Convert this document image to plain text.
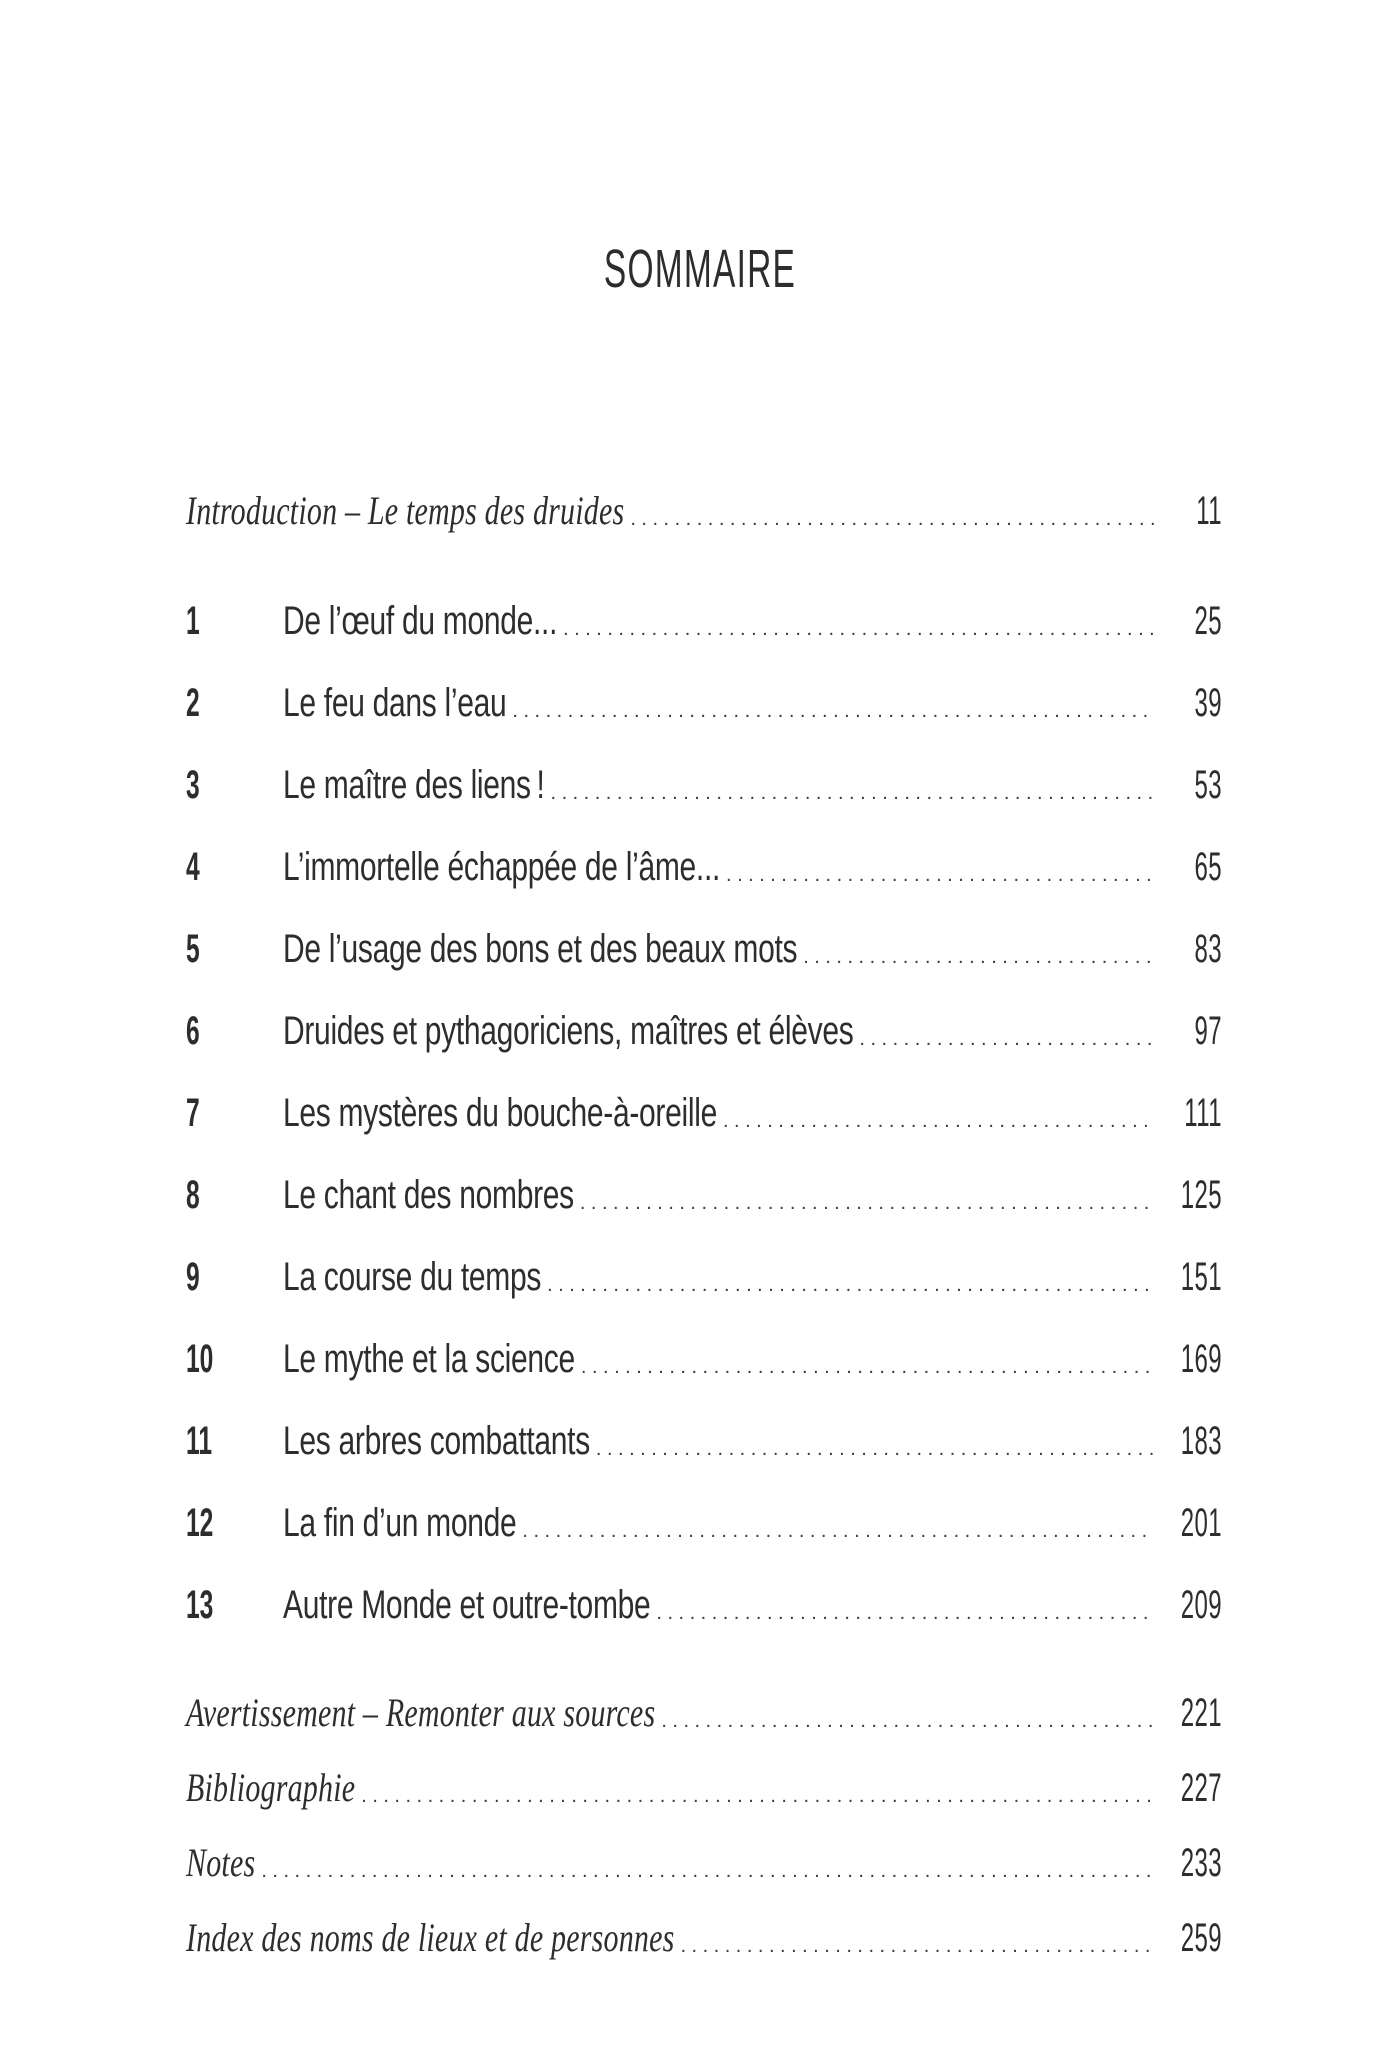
SOMMAIRE
Introduction – Le temps des druides .....	11
1	De l’œuf du monde... .....	25
2	Le feu dans l’eau .....	39
3	Le maître des liens ! .....	53
4	L’immortelle échappée de l’âme... .....	65
5	De l’usage des bons et des beaux mots .....	83
6	Druides et pythagoriciens, maîtres et élèves .....	97
7	Les mystères du bouche-à-oreille .....	111
8	Le chant des nombres .....	125
9	La course du temps .....	151
10	Le mythe et la science .....	169
11	Les arbres combattants .....	183
12	La fin d’un monde .....	201
13	Autre Monde et outre-tombe .....	209
Avertissement – Remonter aux sources .....	221
Bibliographie .....	227
Notes .....	233
Index des noms de lieux et de personnes .....	259
